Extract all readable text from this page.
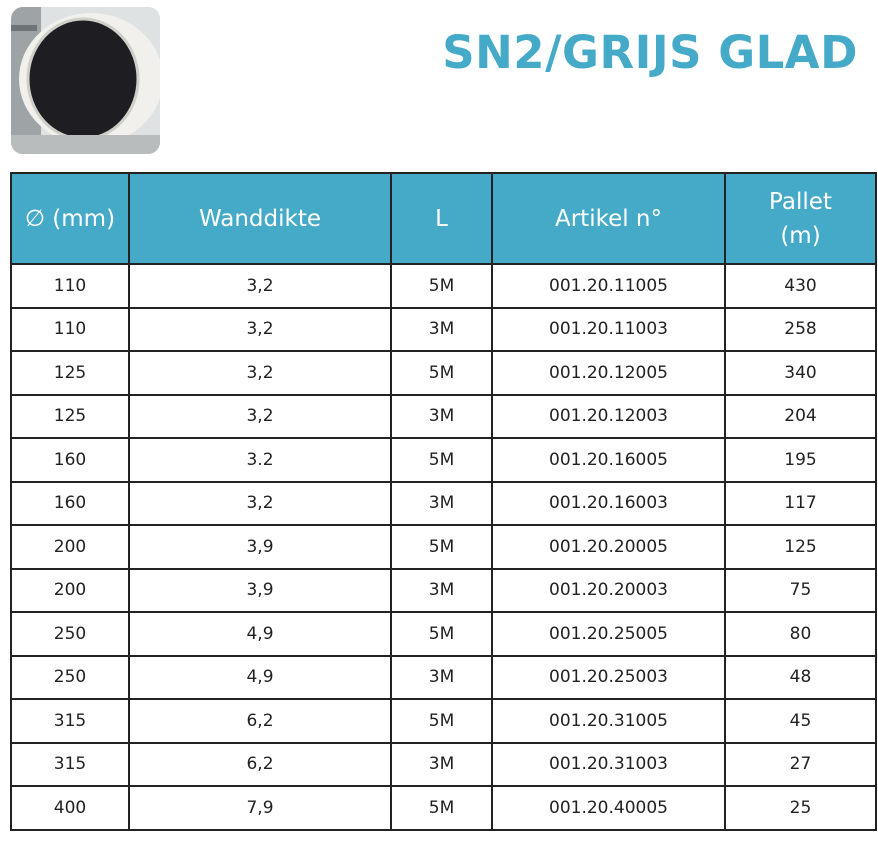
SN2/GRIJS GLAD
∅ (mm)	Wanddikte	L	Artikel n°	Pallet (m)
110	3,2	5M	001.20.11005	430
110	3,2	3M	001.20.11003	258
125	3,2	5M	001.20.12005	340
125	3,2	3M	001.20.12003	204
160	3.2	5M	001.20.16005	195
160	3,2	3M	001.20.16003	117
200	3,9	5M	001.20.20005	125
200	3,9	3M	001.20.20003	75
250	4,9	5M	001.20.25005	80
250	4,9	3M	001.20.25003	48
315	6,2	5M	001.20.31005	45
315	6,2	3M	001.20.31003	27
400	7,9	5M	001.20.40005	25
